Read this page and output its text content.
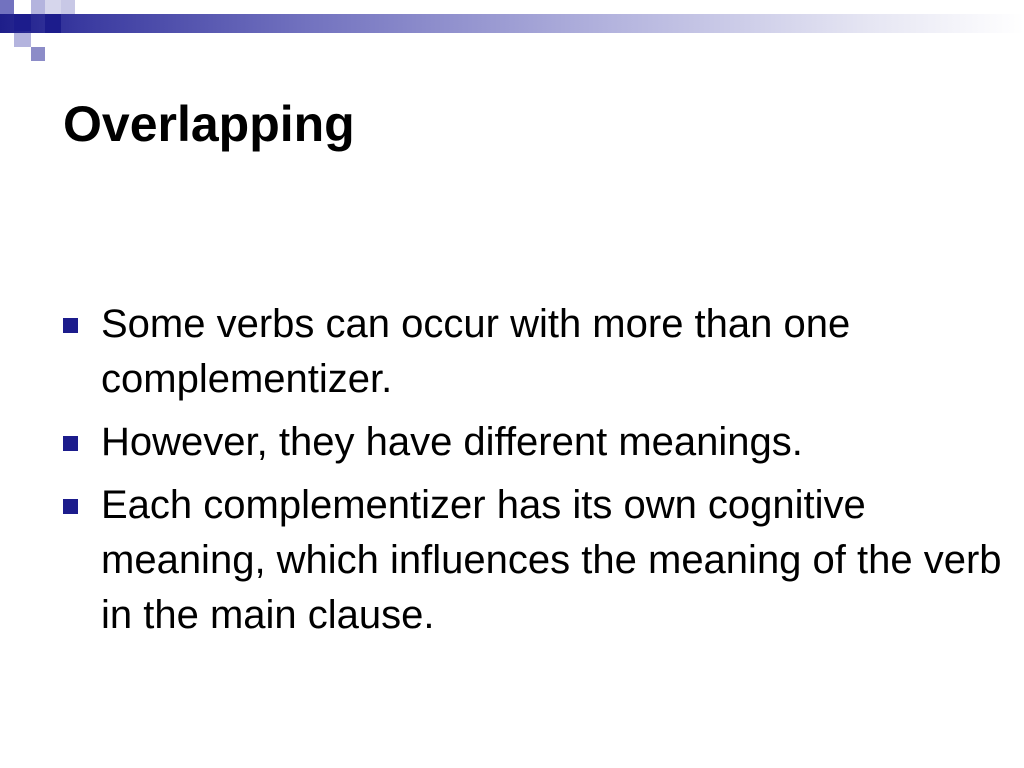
Overlapping
Some verbs can occur with more than one complementizer.
However, they have different meanings.
Each complementizer has its own cognitive meaning, which influences the meaning of the verb in the main clause.
